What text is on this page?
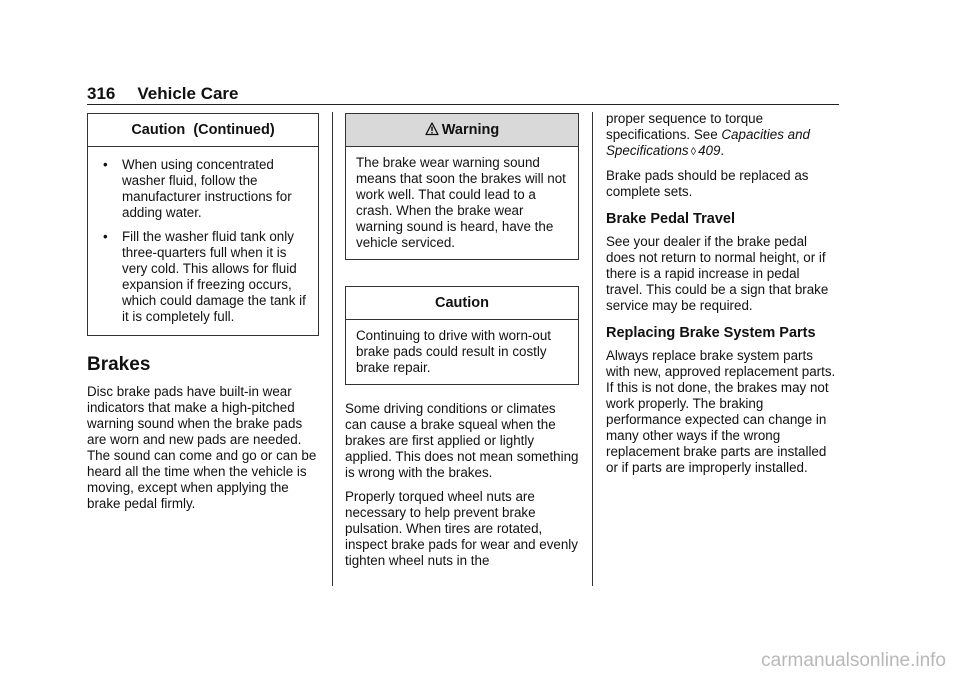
316 Vehicle Care
Caution  (Continued)
•	When using concentrated washer fluid, follow the manufacturer instructions for adding water.
•	Fill the washer fluid tank only three-quarters full when it is very cold. This allows for fluid expansion if freezing occurs, which could damage the tank if it is completely full.
Brakes

Disc brake pads have built-in wear indicators that make a high-pitched warning sound when the brake pads are worn and new pads are needed. The sound can come and go or can be heard all the time when the vehicle is moving, except when applying the brake pedal firmly.

Warning
The brake wear warning sound means that soon the brakes will not work well. That could lead to a crash. When the brake wear warning sound is heard, have the vehicle serviced.
Caution
Continuing to drive with worn-out brake pads could result in costly brake repair.

Some driving conditions or climates can cause a brake squeal when the brakes are first applied or lightly applied. This does not mean something is wrong with the brakes.

Properly torqued wheel nuts are necessary to help prevent brake pulsation. When tires are rotated, inspect brake pads for wear and evenly tighten wheel nuts in the

proper sequence to torque specifications. See Capacities and Specifications ◊ 409.

Brake pads should be replaced as complete sets.

Brake Pedal Travel

See your dealer if the brake pedal does not return to normal height, or if there is a rapid increase in pedal travel. This could be a sign that brake service may be required.

Replacing Brake System Parts

Always replace brake system parts with new, approved replacement parts. If this is not done, the brakes may not work properly. The braking performance expected can change in many other ways if the wrong replacement brake parts are installed or if parts are improperly installed.

carmanualsonline.info
